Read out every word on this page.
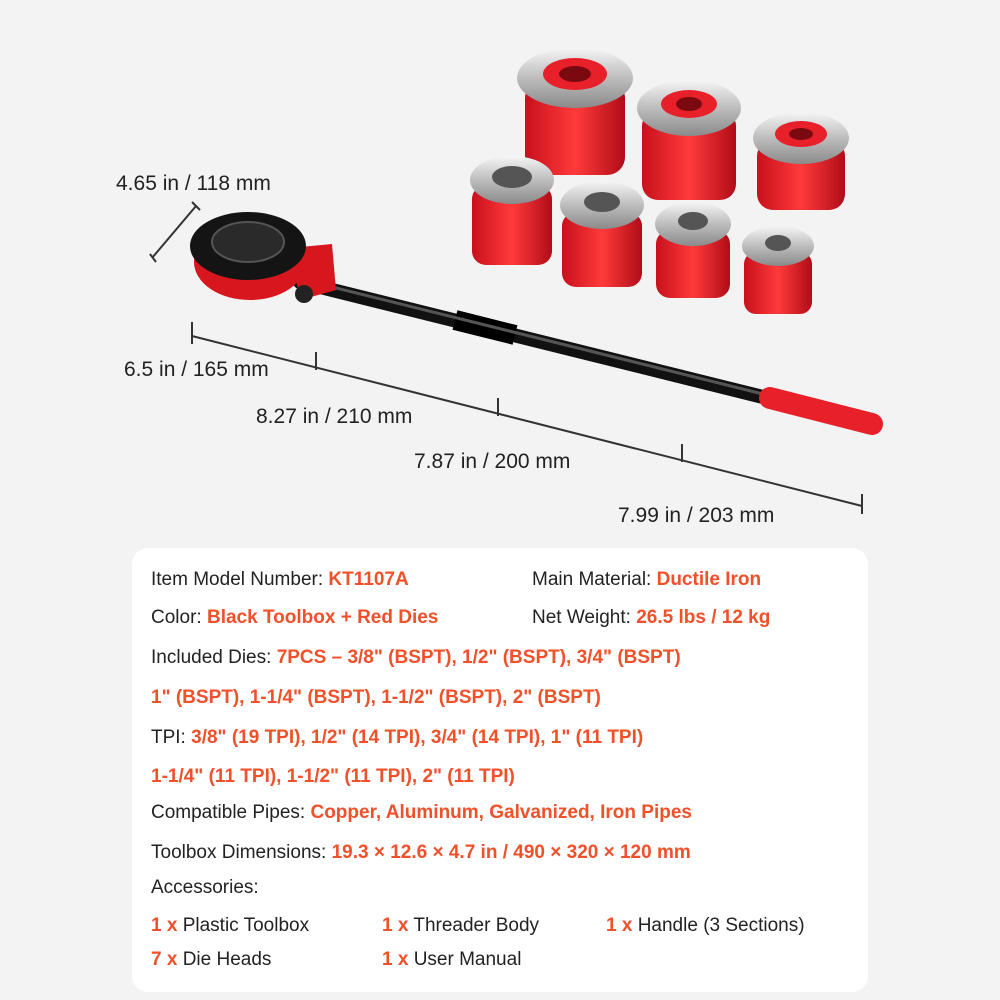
4.65 in / 118 mm
6.5 in / 165 mm
8.27 in / 210 mm
7.87 in / 200 mm
7.99 in / 203 mm
Item Model Number: KT1107A	Main Material: Ductile Iron
Color: Black Toolbox + Red Dies	Net Weight: 26.5 lbs / 12 kg
Included Dies: 7PCS – 3/8" (BSPT), 1/2" (BSPT), 3/4" (BSPT)
1" (BSPT), 1-1/4" (BSPT), 1-1/2" (BSPT), 2" (BSPT)
TPI: 3/8" (19 TPI), 1/2" (14 TPI), 3/4" (14 TPI), 1" (11 TPI)
1-1/4" (11 TPI), 1-1/2" (11 TPI), 2" (11 TPI)
Compatible Pipes: Copper, Aluminum, Galvanized, Iron Pipes
Toolbox Dimensions: 19.3 × 12.6 × 4.7 in / 490 × 320 × 120 mm
Accessories:
1 x Plastic Toolbox	1 x Threader Body	1 x Handle (3 Sections)
7 x Die Heads	1 x User Manual
